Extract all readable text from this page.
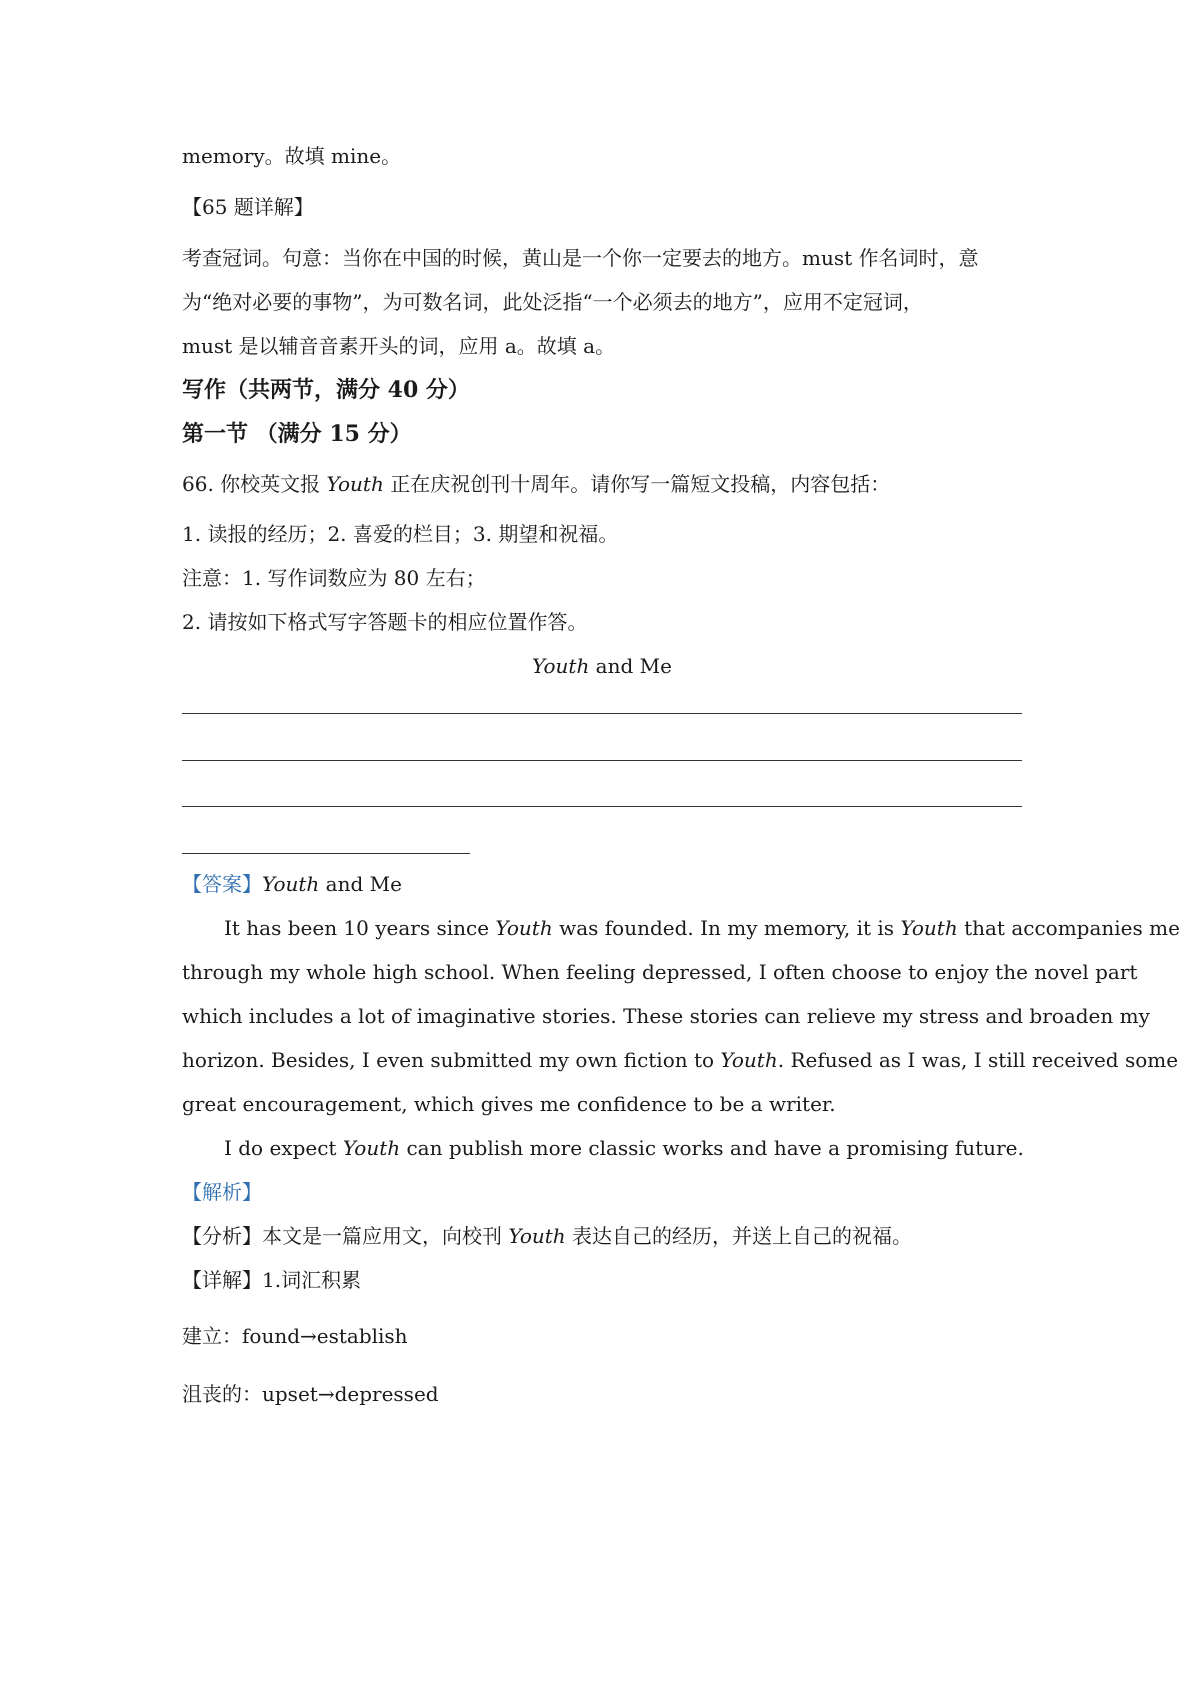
memory。故填 mine。
【65 题详解】
考查冠词。句意：当你在中国的时候，黄山是一个你一定要去的地方。must 作名词时，意
为“绝对必要的事物”，为可数名词，此处泛指“一个必须去的地方”，应用不定冠词，
must 是以辅音音素开头的词，应用 a。故填 a。
写作（共两节，满分 40 分）
第一节 （满分 15 分）
66. 你校英文报 Youth 正在庆祝创刊十周年。请你写一篇短文投稿，内容包括：
1. 读报的经历；2. 喜爱的栏目；3. 期望和祝福。
注意：1. 写作词数应为 80 左右；
2. 请按如下格式写字答题卡的相应位置作答。
Youth and Me
【答案】Youth and Me
It has been 10 years since Youth was founded. In my memory, it is Youth that accompanies me
through my whole high school. When feeling depressed, I often choose to enjoy the novel part
which includes a lot of imaginative stories. These stories can relieve my stress and broaden my
horizon. Besides, I even submitted my own fiction to Youth. Refused as I was, I still received some
great encouragement, which gives me confidence to be a writer.
I do expect Youth can publish more classic works and have a promising future.
【解析】
【分析】本文是一篇应用文，向校刊 Youth 表达自己的经历，并送上自己的祝福。
【详解】1.词汇积累
建立：found→establish
沮丧的：upset→depressed
